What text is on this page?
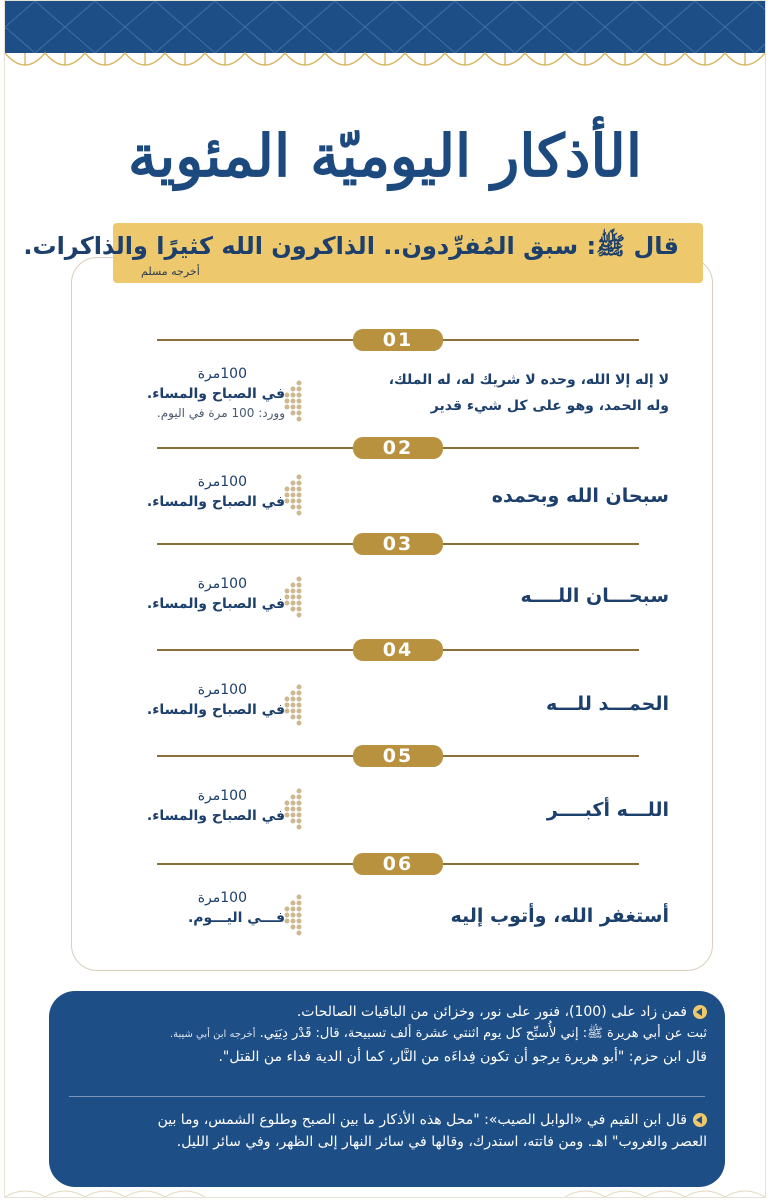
الأذكار اليوميّة المئوية
قال ﷺ: سبق المُفرِّدون.. الذاكرون الله كثيرًا والذاكرات.
أخرجه مسلم
01
لا إله إلا الله، وحده لا شريك له، له الملك،
وله الحمد، وهو على كل شيء قدير
100مرة
في الصباح والمساء.
وورد: 100 مرة في اليوم.
02
سبحان الله وبحمده
100مرة
في الصباح والمساء.
03
سبحـــان اللــــه
100مرة
في الصباح والمساء.
04
الحمـــد للـــه
100مرة
في الصباح والمساء.
05
اللـــه أكبــــر
100مرة
في الصباح والمساء.
06
أستغفر الله، وأتوب إليه
100مرة
فـــي اليـــوم.
فمن زاد على (100)، فنور على نور، وخزائن من الباقيات الصالحات.
ثبت عن أبي هريرة ﷺ: إني لأُسبِّح كل يوم اثنتي عشرة ألف تسبيحة، قال: قَدْر دِيَتِي. أخرجه ابن أبي شيبة.
قال ابن حزم: "أبو هريرة يرجو أن تكون فِداءَه من النَّار، كما أن الدية فداء من القتل".
قال ابن القيم في «الوابل الصيب»: "محل هذه الأذكار ما بين الصبح وطلوع الشمس، وما بين
العصر والغروب" اهـ. ومن فاتته، استدرك، وقالها في سائر النهار إلى الظهر، وفي سائر الليل.
